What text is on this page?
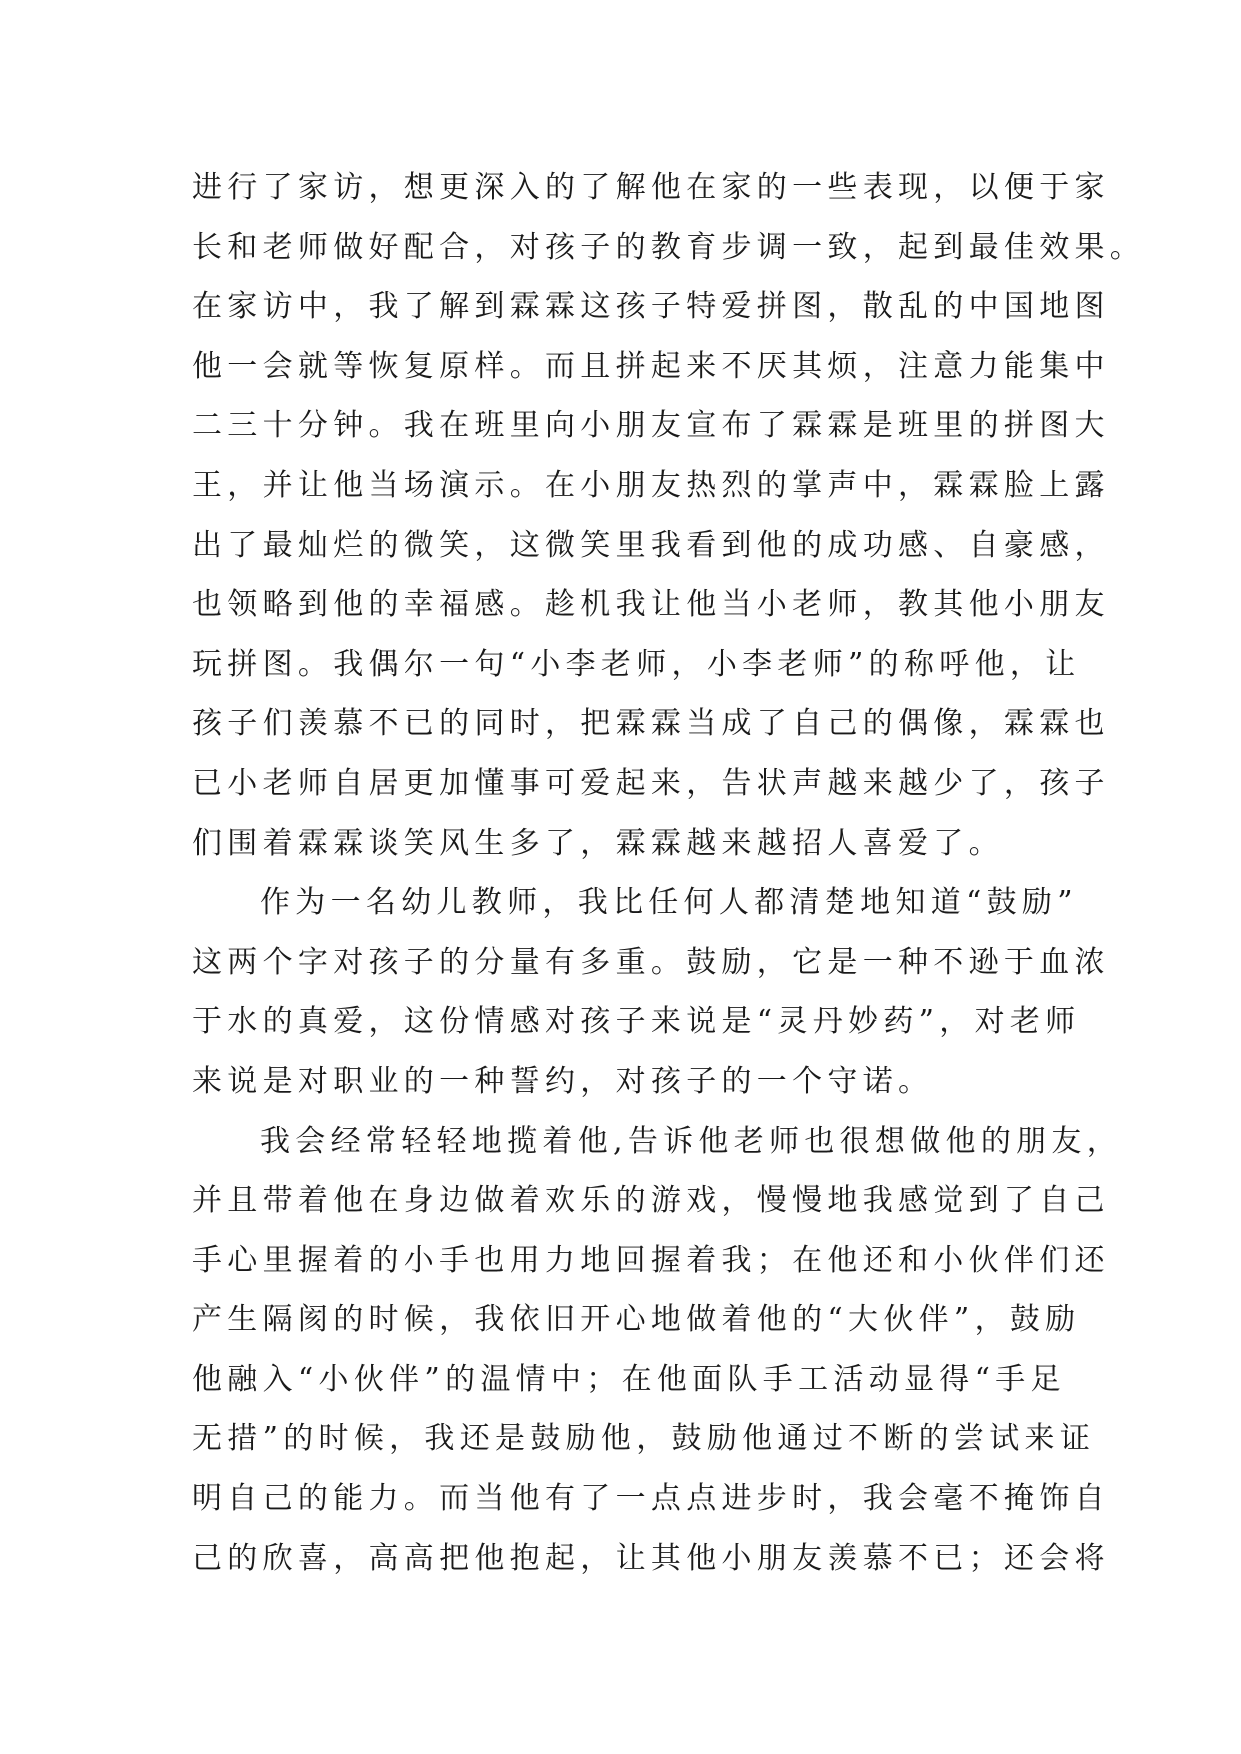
进行了家访，想更深入的了解他在家的一些表现，以便于家
长和老师做好配合，对孩子的教育步调一致，起到最佳效果。
在家访中，我了解到霖霖这孩子特爱拼图，散乱的中国地图
他一会就等恢复原样。而且拼起来不厌其烦，注意力能集中
二三十分钟。我在班里向小朋友宣布了霖霖是班里的拼图大
王，并让他当场演示。在小朋友热烈的掌声中，霖霖脸上露
出了最灿烂的微笑，这微笑里我看到他的成功感、自豪感，
也领略到他的幸福感。趁机我让他当小老师，教其他小朋友
玩拼图。我偶尔一句“小李老师，小李老师”的称呼他，让
孩子们羡慕不已的同时，把霖霖当成了自己的偶像，霖霖也
已小老师自居更加懂事可爱起来，告状声越来越少了，孩子
们围着霖霖谈笑风生多了，霖霖越来越招人喜爱了。
作为一名幼儿教师，我比任何人都清楚地知道“鼓励”
这两个字对孩子的分量有多重。鼓励，它是一种不逊于血浓
于水的真爱，这份情感对孩子来说是“灵丹妙药”，对老师
来说是对职业的一种誓约，对孩子的一个守诺。
我会经常轻轻地揽着他,告诉他老师也很想做他的朋友，
并且带着他在身边做着欢乐的游戏，慢慢地我感觉到了自己
手心里握着的小手也用力地回握着我；在他还和小伙伴们还
产生隔阂的时候，我依旧开心地做着他的“大伙伴”，鼓励
他融入“小伙伴”的温情中；在他面队手工活动显得“手足
无措”的时候，我还是鼓励他，鼓励他通过不断的尝试来证
明自己的能力。而当他有了一点点进步时，我会毫不掩饰自
己的欣喜，高高把他抱起，让其他小朋友羡慕不已；还会将
